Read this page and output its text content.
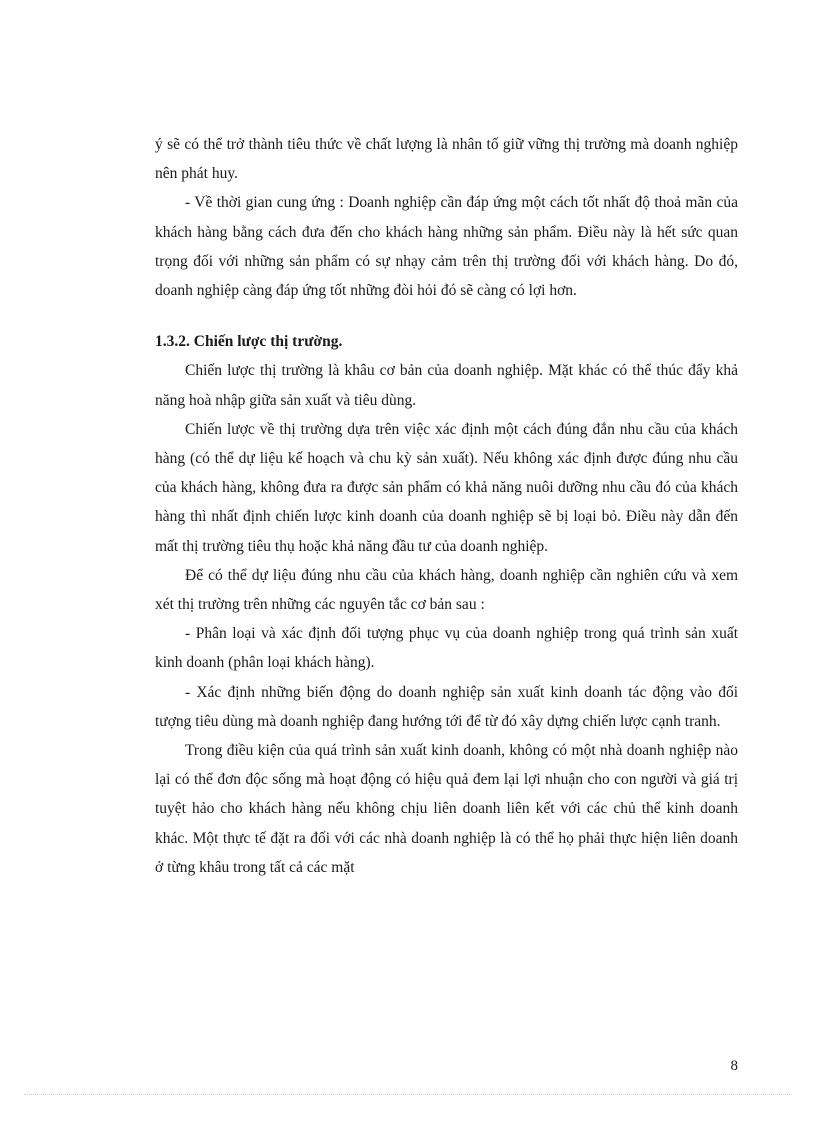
ý sẽ có thể trở thành tiêu thức về chất lượng là nhân tố giữ vững thị trường mà doanh nghiệp nên phát huy.

- Về thời gian cung ứng : Doanh nghiệp cần đáp ứng một cách tốt nhất độ thoả mãn của khách hàng bằng cách đưa đến cho khách hàng những sản phẩm. Điều này là hết sức quan trọng đối với những sản phẩm có sự nhạy cảm trên thị trường đối với khách hàng. Do đó, doanh nghiệp càng đáp ứng tốt những đòi hỏi đó sẽ càng có lợi hơn.

1.3.2. Chiến lược thị trường.

Chiến lược thị trường là khâu cơ bản của doanh nghiệp. Mặt khác có thể thúc đẩy khả năng hoà nhập giữa sản xuất và tiêu dùng.

Chiến lược về thị trường dựa trên việc xác định một cách đúng đắn nhu cầu của khách hàng (có thể dự liệu kế hoạch và chu kỳ sản xuất). Nếu không xác định được đúng nhu cầu của khách hàng, không đưa ra được sản phẩm có khả năng nuôi dưỡng nhu cầu đó của khách hàng thì nhất định chiến lược kinh doanh của doanh nghiệp sẽ bị loại bỏ. Điều này dẫn đến mất thị trường tiêu thụ hoặc khả năng đầu tư của doanh nghiệp.

Để có thể dự liệu đúng nhu cầu của khách hàng, doanh nghiệp cần nghiên cứu và xem xét thị trường trên những các nguyên tắc cơ bản sau :

- Phân loại và xác định đối tượng phục vụ của doanh nghiệp trong quá trình sản xuất kinh doanh (phân loại khách hàng).

- Xác định những biến động do doanh nghiệp sản xuất kinh doanh tác động vào đối tượng tiêu dùng mà doanh nghiệp đang hướng tới để từ đó xây dựng chiến lược cạnh tranh.

Trong điều kiện của quá trình sản xuất kinh doanh, không có một nhà doanh nghiệp nào lại có thể đơn độc sống mà hoạt động có hiệu quả đem lại lợi nhuận cho con người và giá trị tuyệt hảo cho khách hàng nếu không chịu liên doanh liên kết với các chủ thể kinh doanh khác. Một thực tế đặt ra đối với các nhà doanh nghiệp là có thể họ phải thực hiện liên doanh ở từng khâu trong tất cả các mặt

8
